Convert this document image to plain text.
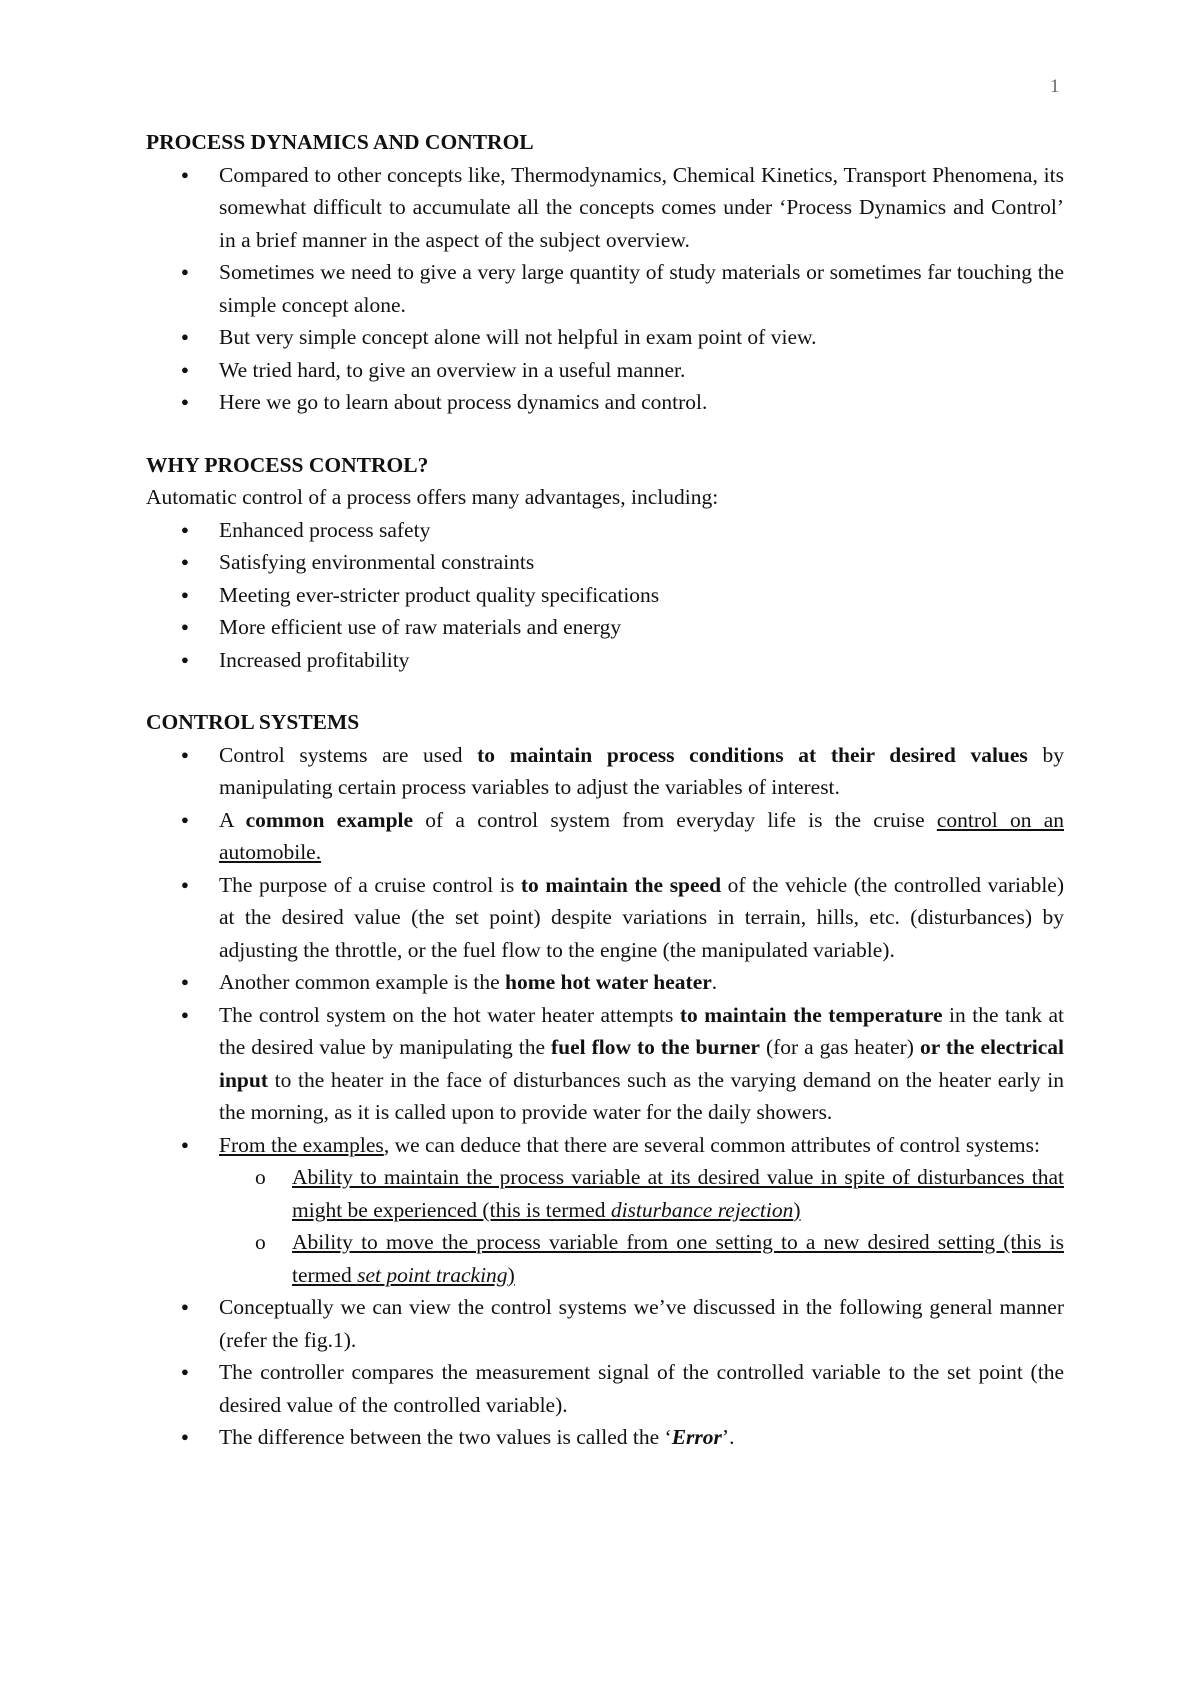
1
PROCESS DYNAMICS AND CONTROL
● Compared to other concepts like, Thermodynamics, Chemical Kinetics, Transport Phenomena, its somewhat difficult to accumulate all the concepts comes under ‘Process Dynamics and Control’ in a brief manner in the aspect of the subject overview.
● Sometimes we need to give a very large quantity of study materials or sometimes far touching the simple concept alone.
● But very simple concept alone will not helpful in exam point of view.
● We tried hard, to give an overview in a useful manner.
● Here we go to learn about process dynamics and control.
WHY PROCESS CONTROL?

Automatic control of a process offers many advantages, including:

● Enhanced process safety
● Satisfying environmental constraints
● Meeting ever-stricter product quality specifications
● More efficient use of raw materials and energy
● Increased profitability
CONTROL SYSTEMS
● Control systems are used to maintain process conditions at their desired values by manipulating certain process variables to adjust the variables of interest.
● A common example of a control system from everyday life is the cruise control on an automobile.
● The purpose of a cruise control is to maintain the speed of the vehicle (the controlled variable) at the desired value (the set point) despite variations in terrain, hills, etc. (disturbances) by adjusting the throttle, or the fuel flow to the engine (the manipulated variable).
● Another common example is the home hot water heater.
● The control system on the hot water heater attempts to maintain the temperature in the tank at the desired value by manipulating the fuel flow to the burner (for a gas heater) or the electrical input to the heater in the face of disturbances such as the varying demand on the heater early in the morning, as it is called upon to provide water for the daily showers.
● From the examples, we can deduce that there are several common attributes of control systems:
o Ability to maintain the process variable at its desired value in spite of disturbances that might be experienced (this is termed disturbance rejection)
o Ability to move the process variable from one setting to a new desired setting (this is termed set point tracking)
● Conceptually we can view the control systems we’ve discussed in the following general manner (refer the fig.1).
● The controller compares the measurement signal of the controlled variable to the set point (the desired value of the controlled variable).
● The difference between the two values is called the ‘Error’.
